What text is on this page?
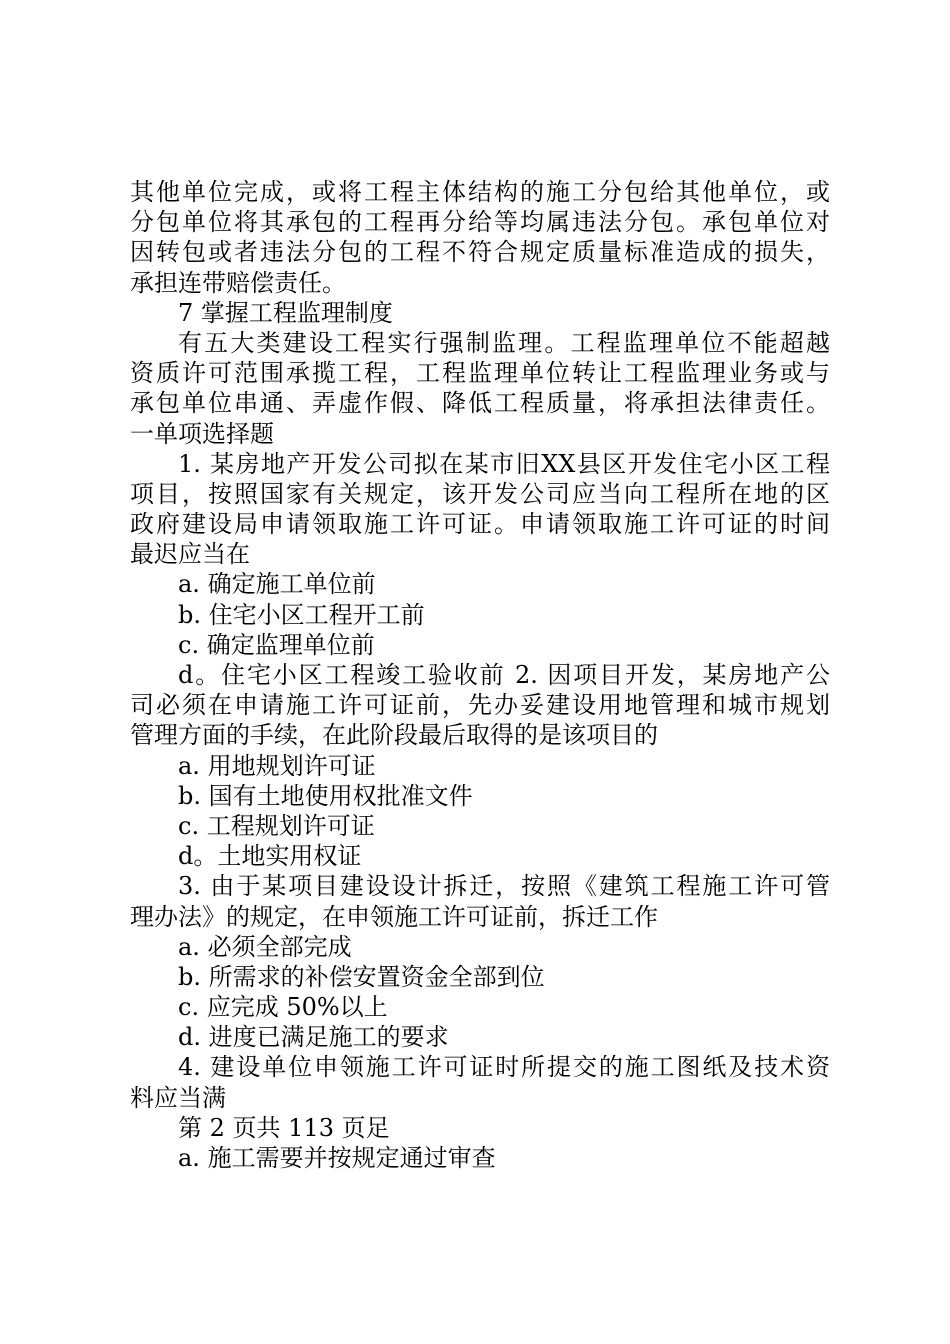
其他单位完成，或将工程主体结构的施工分包给其他单位，或
分包单位将其承包的工程再分给等均属违法分包。承包单位对
因转包或者违法分包的工程不符合规定质量标准造成的损失，
承担连带赔偿责任。
7 掌握工程监理制度
有五大类建设工程实行强制监理。工程监理单位不能超越
资质许可范围承揽工程，工程监理单位转让工程监理业务或与
承包单位串通、弄虚作假、降低工程质量，将承担法律责任。
一单项选择题
1. 某房地产开发公司拟在某市旧XX县区开发住宅小区工程
项目，按照国家有关规定，该开发公司应当向工程所在地的区
政府建设局申请领取施工许可证。申请领取施工许可证的时间
最迟应当在
a. 确定施工单位前
b. 住宅小区工程开工前
c. 确定监理单位前
d。住宅小区工程竣工验收前 2. 因项目开发，某房地产公
司必须在申请施工许可证前，先办妥建设用地管理和城市规划
管理方面的手续，在此阶段最后取得的是该项目的
a. 用地规划许可证
b. 国有土地使用权批准文件
c. 工程规划许可证
d。土地实用权证
3. 由于某项目建设设计拆迁，按照《建筑工程施工许可管
理办法》的规定，在申领施工许可证前，拆迁工作
a. 必须全部完成
b. 所需求的补偿安置资金全部到位
c. 应完成 50%以上
d. 进度已满足施工的要求
4. 建设单位申领施工许可证时所提交的施工图纸及技术资
料应当满
第 2 页共 113 页足
a. 施工需要并按规定通过审查
